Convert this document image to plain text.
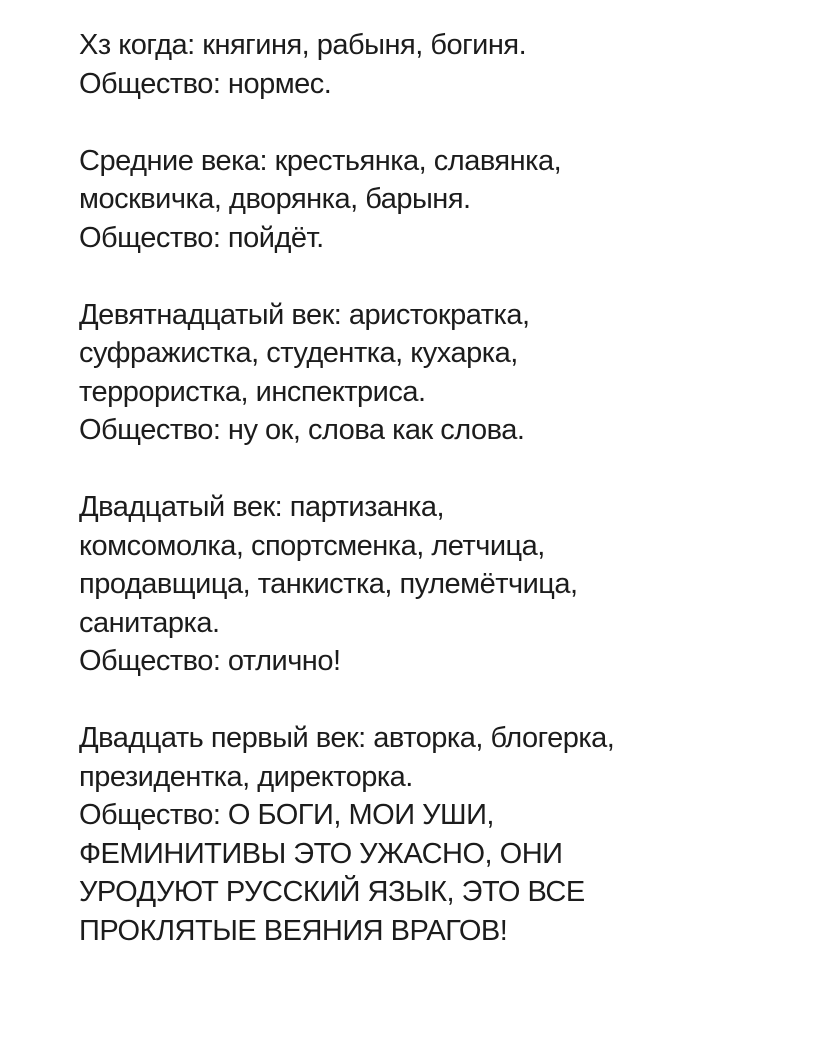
Хз когда: княгиня, рабыня, богиня.
Общество: нормес.
Средние века: крестьянка, славянка,
москвичка, дворянка, барыня.
Общество: пойдёт.
Девятнадцатый век: аристократка,
суфражистка, студентка, кухарка,
террористка, инспектриса.
Общество: ну ок, слова как слова.
Двадцатый век: партизанка,
комсомолка, спортсменка, летчица,
продавщица, танкистка, пулемётчица,
санитарка.
Общество: отлично!
Двадцать первый век: авторка, блогерка,
президентка, директорка.
Общество: О БОГИ, МОИ УШИ,
ФЕМИНИТИВЫ ЭТО УЖАСНО, ОНИ
УРОДУЮТ РУССКИЙ ЯЗЫК, ЭТО ВСЕ
ПРОКЛЯТЫЕ ВЕЯНИЯ ВРАГОВ!
